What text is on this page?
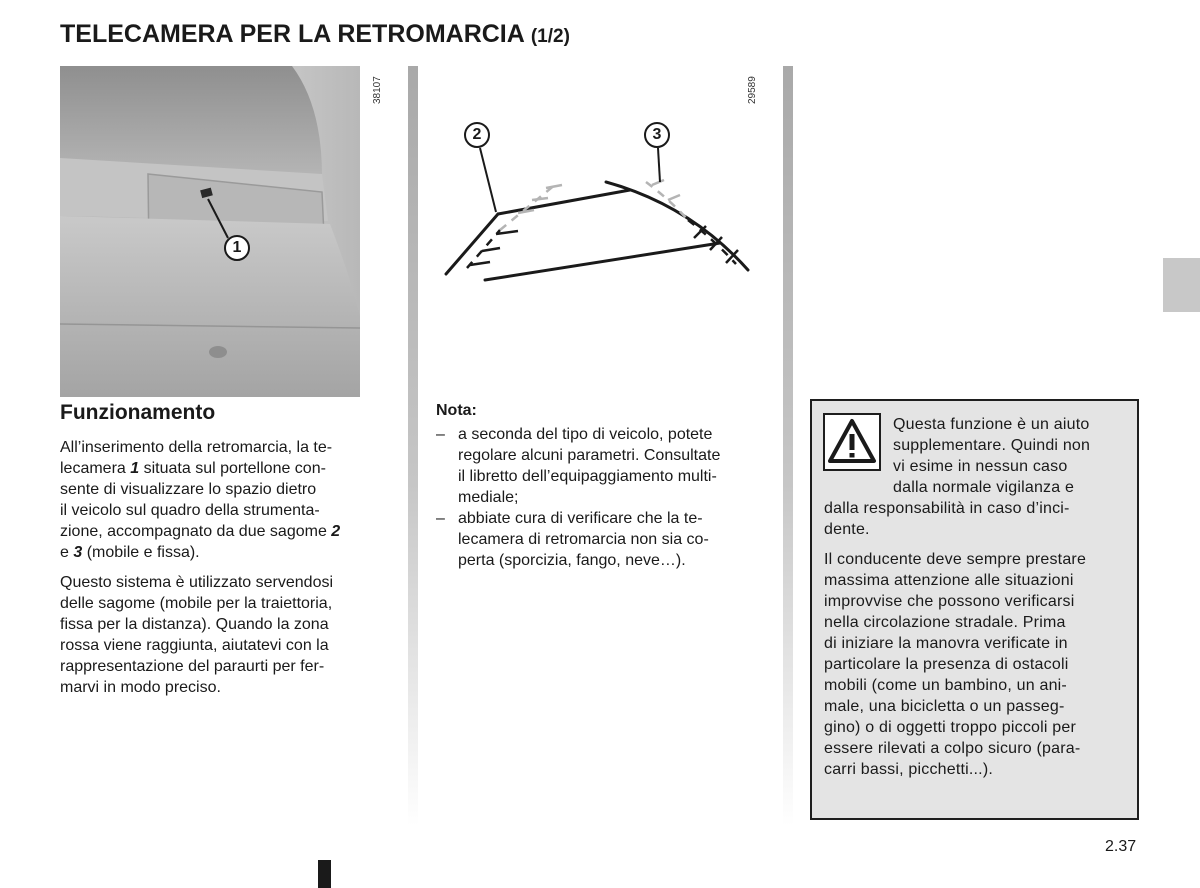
TELECAMERA PER LA RETROMARCIA (1/2)
1
38107
2	3
29589
Funzionamento
All’inserimento della retromarcia, la te-
lecamera 1 situata sul portellone con-
sente di visualizzare lo spazio dietro
il veicolo sul quadro della strumenta-
zione, accompagnato da due sagome 2
e 3 (mobile e fissa).
Questo sistema è utilizzato servendosi
delle sagome (mobile per la traiettoria,
fissa per la distanza). Quando la zona
rossa viene raggiunta, aiutatevi con la
rappresentazione del paraurti per fer-
marvi in modo preciso.
Nota:
– a seconda del tipo di veicolo, potete
regolare alcuni parametri. Consultate
il libretto dell’equipaggiamento multi-
mediale;
– abbiate cura di verificare che la te-
lecamera di retromarcia non sia co-
perta (sporcizia, fango, neve…).
Questa funzione è un aiuto
supplementare. Quindi non
vi esime in nessun caso
dalla normale vigilanza e
dalla responsabilità in caso d’inci-
dente.
Il conducente deve sempre prestare
massima attenzione alle situazioni
improvvise che possono verificarsi
nella circolazione stradale. Prima
di iniziare la manovra verificate in
particolare la presenza di ostacoli
mobili (come un bambino, un ani-
male, una bicicletta o un passeg-
gino) o di oggetti troppo piccoli per
essere rilevati a colpo sicuro (para-
carri bassi, picchetti...).
2.37
